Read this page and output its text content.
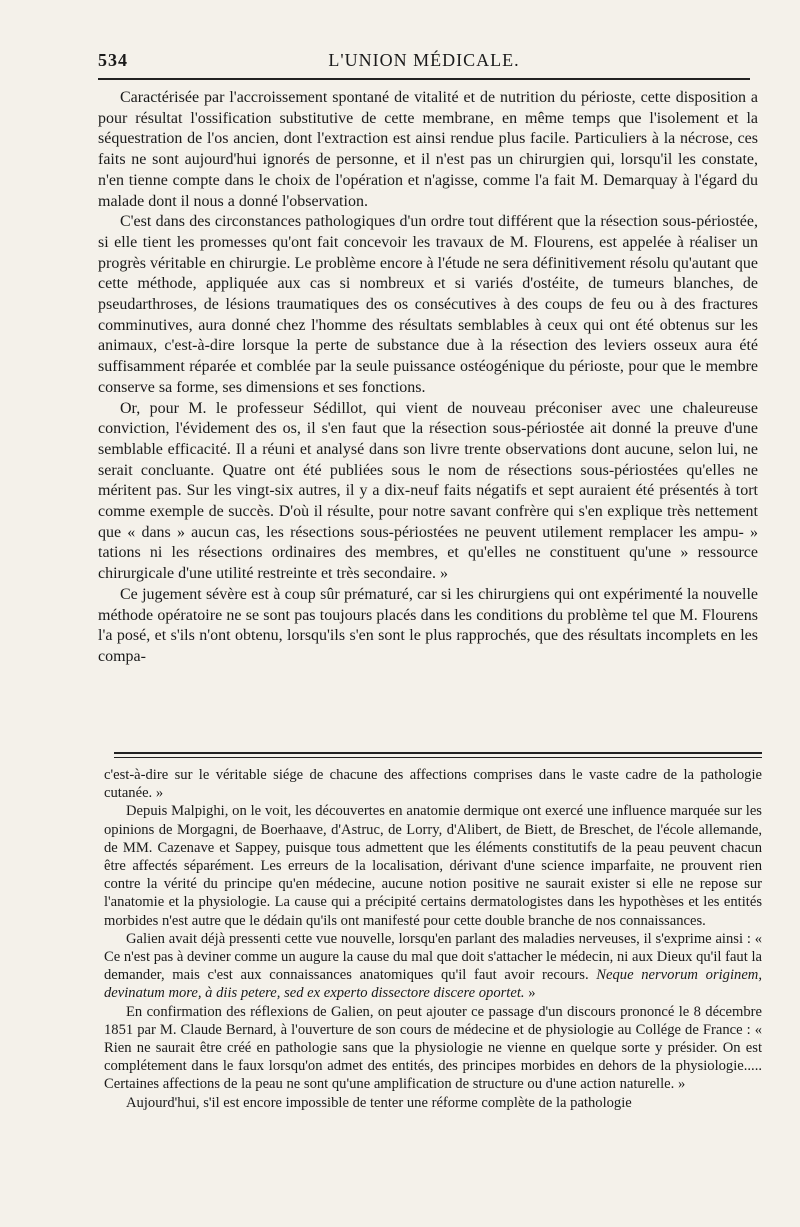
534	L'UNION MÉDICALE.

Caractérisée par l'accroissement spontané de vitalité et de nutrition du périoste, cette disposition a pour résultat l'ossification substitutive de cette membrane, en même temps que l'isolement et la séquestration de l'os ancien, dont l'extraction est ainsi rendue plus facile. Particuliers à la nécrose, ces faits ne sont aujourd'hui ignorés de personne, et il n'est pas un chirurgien qui, lorsqu'il les constate, n'en tienne compte dans le choix de l'opération et n'agisse, comme l'a fait M. Demarquay à l'égard du malade dont il nous a donné l'observation.

C'est dans des circonstances pathologiques d'un ordre tout différent que la résection sous-périostée, si elle tient les promesses qu'ont fait concevoir les travaux de M. Flourens, est appelée à réaliser un progrès véritable en chirurgie. Le problème encore à l'étude ne sera définitivement résolu qu'autant que cette méthode, appliquée aux cas si nombreux et si variés d'ostéite, de tumeurs blanches, de pseudarthroses, de lésions traumatiques des os consécutives à des coups de feu ou à des fractures comminutives, aura donné chez l'homme des résultats semblables à ceux qui ont été obtenus sur les animaux, c'est-à-dire lorsque la perte de substance due à la résection des leviers osseux aura été suffisamment réparée et comblée par la seule puissance ostéogénique du périoste, pour que le membre conserve sa forme, ses dimensions et ses fonctions.

Or, pour M. le professeur Sédillot, qui vient de nouveau préconiser avec une chaleureuse conviction, l'évidement des os, il s'en faut que la résection sous-périostée ait donné la preuve d'une semblable efficacité. Il a réuni et analysé dans son livre trente observations dont aucune, selon lui, ne serait concluante. Quatre ont été publiées sous le nom de résections sous-périostées qu'elles ne méritent pas. Sur les vingt-six autres, il y a dix-neuf faits négatifs et sept auraient été présentés à tort comme exemple de succès. D'où il résulte, pour notre savant confrère qui s'en explique très nettement que « dans » aucun cas, les résections sous-périostées ne peuvent utilement remplacer les ampu- » tations ni les résections ordinaires des membres, et qu'elles ne constituent qu'une » ressource chirurgicale d'une utilité restreinte et très secondaire. »

Ce jugement sévère est à coup sûr prématuré, car si les chirurgiens qui ont expérimenté la nouvelle méthode opératoire ne se sont pas toujours placés dans les conditions du problème tel que M. Flourens l'a posé, et s'ils n'ont obtenu, lorsqu'ils s'en sont le plus rapprochés, que des résultats incomplets en les compa-

c'est-à-dire sur le véritable siége de chacune des affections comprises dans le vaste cadre de la pathologie cutanée. »

Depuis Malpighi, on le voit, les découvertes en anatomie dermique ont exercé une influence marquée sur les opinions de Morgagni, de Boerhaave, d'Astruc, de Lorry, d'Alibert, de Biett, de Breschet, de l'école allemande, de MM. Cazenave et Sappey, puisque tous admettent que les éléments constitutifs de la peau peuvent chacun être affectés séparément. Les erreurs de la localisation, dérivant d'une science imparfaite, ne prouvent rien contre la vérité du principe qu'en médecine, aucune notion positive ne saurait exister si elle ne repose sur l'anatomie et la physiologie. La cause qui a précipité certains dermatologistes dans les hypothèses et les entités morbides n'est autre que le dédain qu'ils ont manifesté pour cette double branche de nos connaissances.

Galien avait déjà pressenti cette vue nouvelle, lorsqu'en parlant des maladies nerveuses, il s'exprime ainsi : « Ce n'est pas à deviner comme un augure la cause du mal que doit s'attacher le médecin, ni aux Dieux qu'il faut la demander, mais c'est aux connaissances anatomiques qu'il faut avoir recours. Neque nervorum originem, devinatum more, à diis petere, sed ex experto dissectore discere oportet. »

En confirmation des réflexions de Galien, on peut ajouter ce passage d'un discours prononcé le 8 décembre 1851 par M. Claude Bernard, à l'ouverture de son cours de médecine et de physiologie au Collége de France : « Rien ne saurait être créé en pathologie sans que la physiologie ne vienne en quelque sorte y présider. On est complétement dans le faux lorsqu'on admet des entités, des principes morbides en dehors de la physiologie..... Certaines affections de la peau ne sont qu'une amplification de structure ou d'une action naturelle. »

Aujourd'hui, s'il est encore impossible de tenter une réforme complète de la pathologie
